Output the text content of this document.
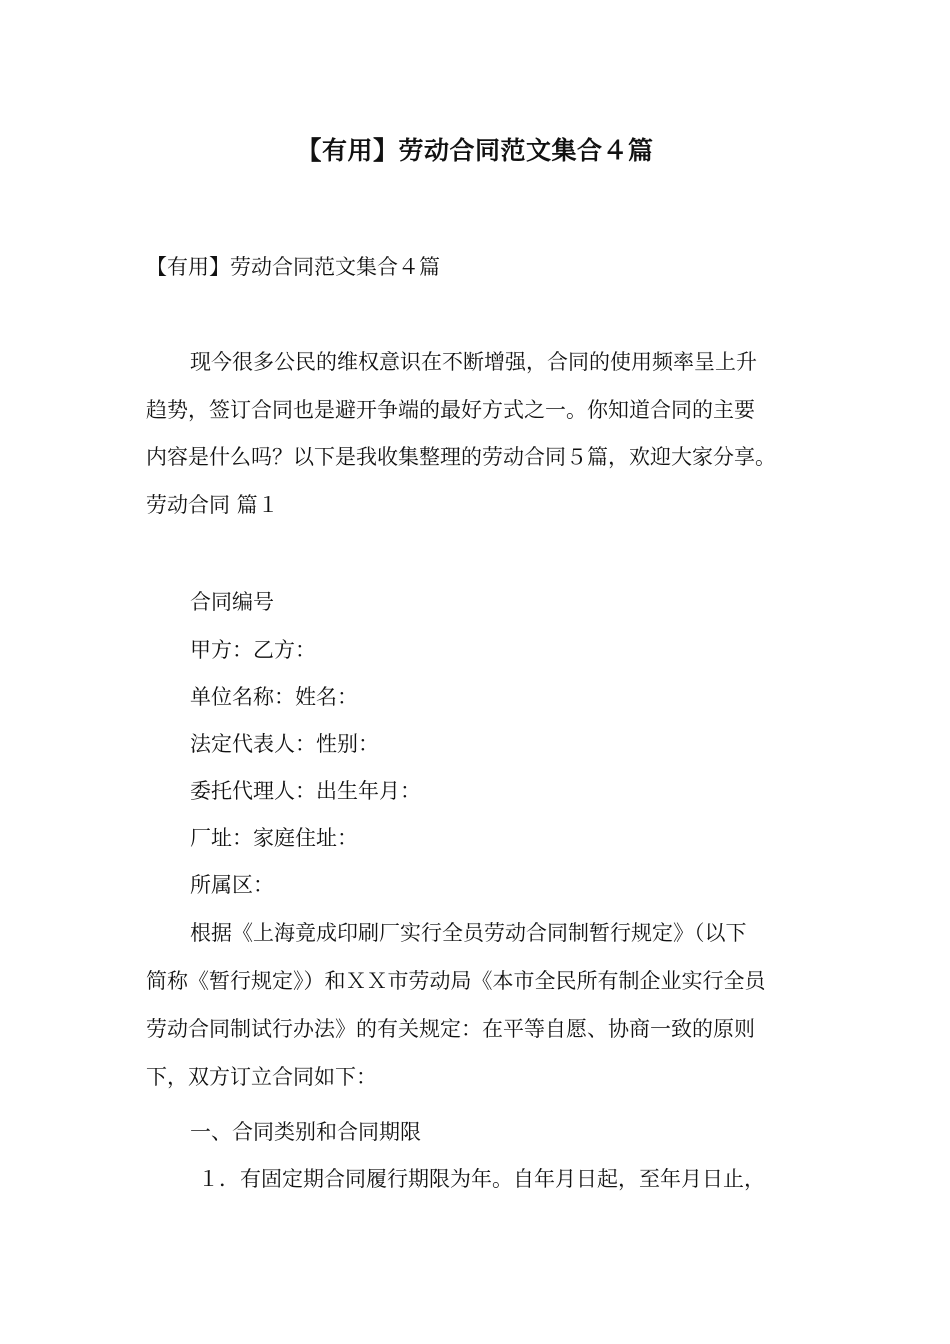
【有用】劳动合同范文集合４篇

【有用】劳动合同范文集合４篇

现今很多公民的维权意识在不断增强，合同的使用频率呈上升

趋势，签订合同也是避开争端的最好方式之一。你知道合同的主要

内容是什么吗？以下是我收集整理的劳动合同５篇，欢迎大家分享。

劳动合同 篇１

合同编号

甲方：乙方：

单位名称：姓名：

法定代表人：性别：

委托代理人：出生年月：

厂址：家庭住址：

所属区：

根据《上海竟成印刷厂实行全员劳动合同制暂行规定》（以下

简称《暂行规定》）和ＸＸ市劳动局《本市全民所有制企业实行全员

劳动合同制试行办法》的有关规定：在平等自愿、协商一致的原则

下，双方订立合同如下：

一、合同类别和合同期限

１．有固定期合同履行期限为年。自年月日起，至年月日止，
